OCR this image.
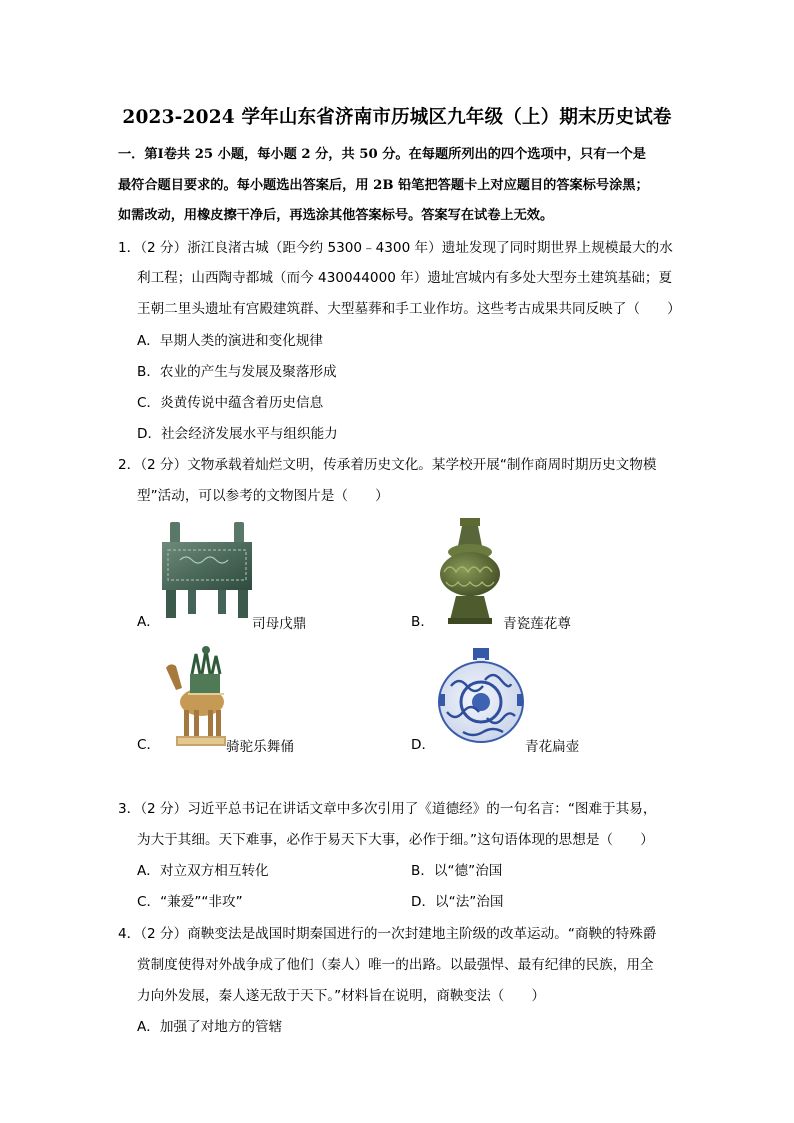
2023-2024 学年山东省济南市历城区九年级（上）期末历史试卷
一．第Ⅰ卷共 25 小题，每小题 2 分，共 50 分。在每题所列出的四个选项中，只有一个是
最符合题目要求的。每小题选出答案后，用 2B 铅笔把答题卡上对应题目的答案标号涂黑；
如需改动，用橡皮擦干净后，再选涂其他答案标号。答案写在试卷上无效。
1．（2 分）浙江良渚古城（距今约 5300﹣4300 年）遗址发现了同时期世界上规模最大的水
利工程；山西陶寺都城（而今 430044000 年）遗址宫城内有多处大型夯土建筑基础；夏
王朝二里头遗址有宫殿建筑群、大型墓葬和手工业作坊。这些考古成果共同反映了（　　）
A．早期人类的演进和变化规律
B．农业的产生与发展及聚落形成
C．炎黄传说中蕴含着历史信息
D．社会经济发展水平与组织能力
2．（2 分）文物承载着灿烂文明，传承着历史文化。某学校开展“制作商周时期历史文物模
型”活动，可以参考的文物图片是（　　）
A．	司母戊鼎	B．	青瓷莲花尊
C．	骑驼乐舞俑	D．	青花扁壶
3．（2 分）习近平总书记在讲话文章中多次引用了《道德经》的一句名言：“图难于其易，
为大于其细。天下难事，必作于易天下大事，必作于细。”这句语体现的思想是（　　）
A．对立双方相互转化	B．以“德”治国
C．“兼爱”“非攻”	D．以“法”治国
4．（2 分）商鞅变法是战国时期秦国进行的一次封建地主阶级的改革运动。“商鞅的特殊爵
赏制度使得对外战争成了他们（秦人）唯一的出路。以最强悍、最有纪律的民族，用全
力向外发展，秦人遂无敌于天下。”材料旨在说明，商鞅变法（　　）
A．加强了对地方的管辖
